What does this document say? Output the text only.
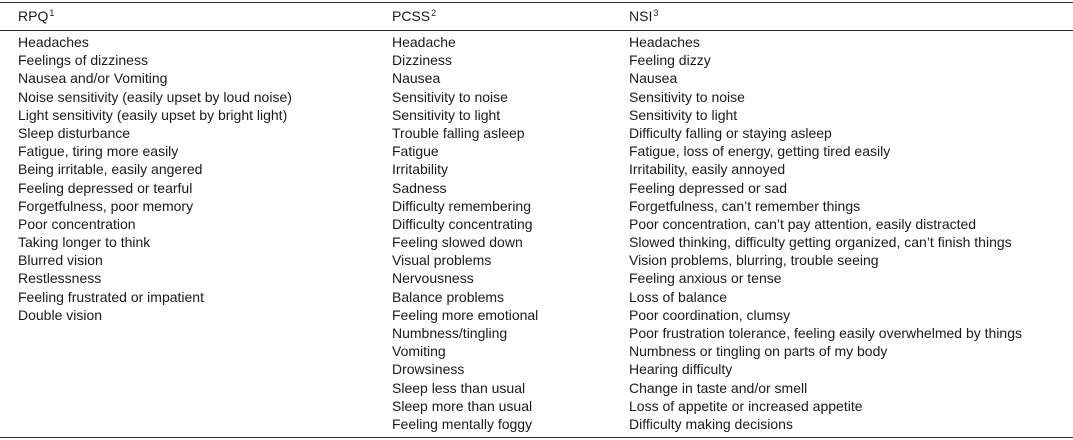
RPQ$^1$
Headaches
Feelings of dizziness
Nausea and/or Vomiting
Noise sensitivity (easily upset by loud noise)
Light sensitivity (easily upset by bright light)
Sleep disturbance
Fatigue, tiring more easily
Being irritable, easily angered
Feeling depressed or tearful
Forgetfulness, poor memory
Poor concentration
Taking longer to think
Blurred vision
Restlessness
Feeling frustrated or impatient
Double vision
PCSS$^2$
Headache
Dizziness
Nausea
Sensitivity to noise
Sensitivity to light
Trouble falling asleep
Fatigue
Irritability
Sadness
Difficulty remembering
Difficulty concentrating
Feeling slowed down
Visual problems
Nervousness
Balance problems
Feeling more emotional
Numbness/tingling
Vomiting
Drowsiness
Sleep less than usual
Sleep more than usual
Feeling mentally foggy
NSI$^3$
Headaches
Feeling dizzy
Nausea
Sensitivity to noise
Sensitivity to light
Difficulty falling or staying asleep
Fatigue, loss of energy, getting tired easily
Irritability, easily annoyed
Feeling depressed or sad
Forgetfulness, can’t remember things
Poor concentration, can’t pay attention, easily distracted
Slowed thinking, difficulty getting organized, can’t finish things
Vision problems, blurring, trouble seeing
Feeling anxious or tense
Loss of balance
Poor coordination, clumsy
Poor frustration tolerance, feeling easily overwhelmed by things
Numbness or tingling on parts of my body
Hearing difficulty
Change in taste and/or smell
Loss of appetite or increased appetite
Difficulty making decisions
